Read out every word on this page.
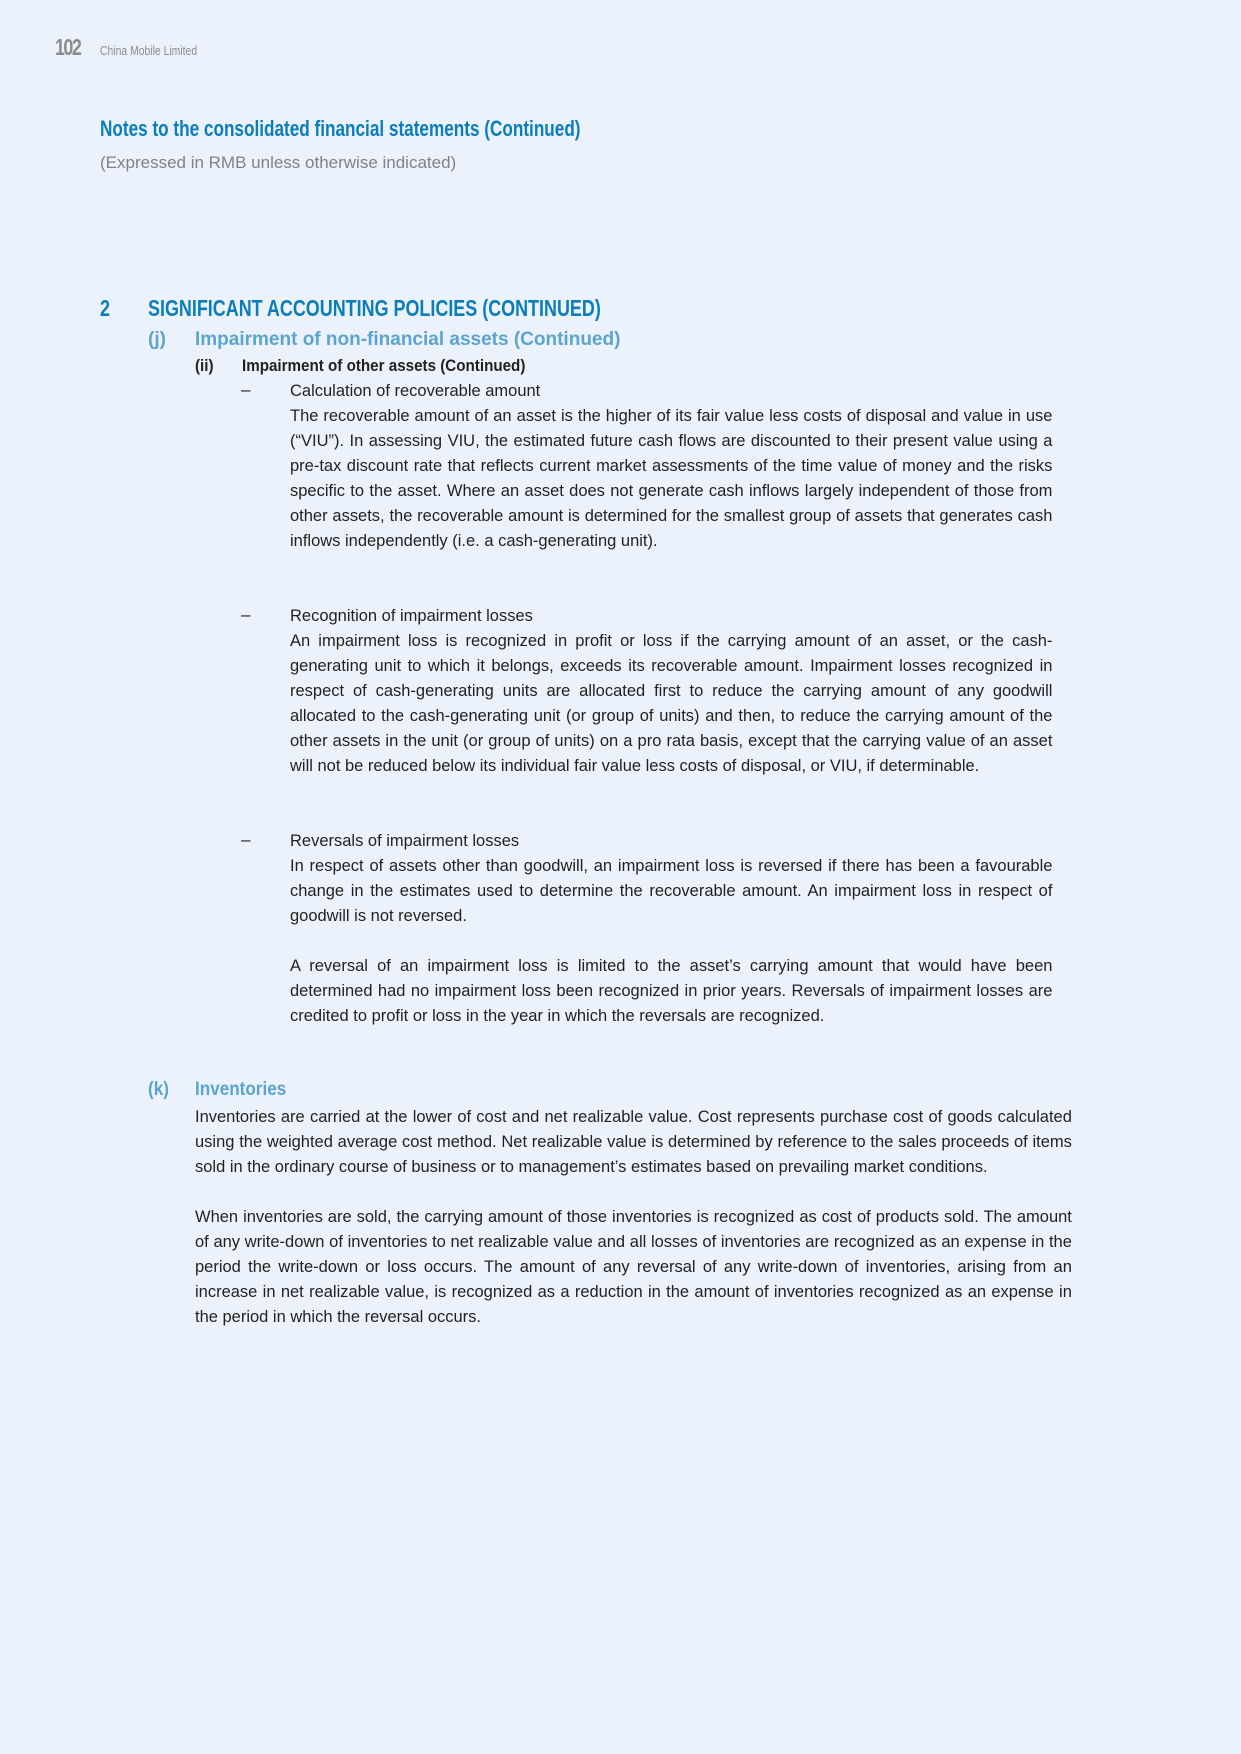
102 China Mobile Limited
Notes to the consolidated financial statements (Continued)
(Expressed in RMB unless otherwise indicated)
2 SIGNIFICANT ACCOUNTING POLICIES (CONTINUED)
(j) Impairment of non-financial assets (Continued)
(ii) Impairment of other assets (Continued)
– Calculation of recoverable amount

The recoverable amount of an asset is the higher of its fair value less costs of disposal and value in use (“VIU”). In assessing VIU, the estimated future cash flows are discounted to their present value using a pre-tax discount rate that reflects current market assessments of the time value of money and the risks specific to the asset. Where an asset does not generate cash inflows largely independent of those from other assets, the recoverable amount is determined for the smallest group of assets that generates cash inflows independently (i.e. a cash-generating unit).

– Recognition of impairment losses

An impairment loss is recognized in profit or loss if the carrying amount of an asset, or the cash-generating unit to which it belongs, exceeds its recoverable amount. Impairment losses recognized in respect of cash-generating units are allocated first to reduce the carrying amount of any goodwill allocated to the cash-generating unit (or group of units) and then, to reduce the carrying amount of the other assets in the unit (or group of units) on a pro rata basis, except that the carrying value of an asset will not be reduced below its individual fair value less costs of disposal, or VIU, if determinable.

– Reversals of impairment losses

In respect of assets other than goodwill, an impairment loss is reversed if there has been a favourable change in the estimates used to determine the recoverable amount. An impairment loss in respect of goodwill is not reversed.

A reversal of an impairment loss is limited to the asset’s carrying amount that would have been determined had no impairment loss been recognized in prior years. Reversals of impairment losses are credited to profit or loss in the year in which the reversals are recognized.

(k) Inventories

Inventories are carried at the lower of cost and net realizable value. Cost represents purchase cost of goods calculated using the weighted average cost method. Net realizable value is determined by reference to the sales proceeds of items sold in the ordinary course of business or to management’s estimates based on prevailing market conditions.

When inventories are sold, the carrying amount of those inventories is recognized as cost of products sold. The amount of any write-down of inventories to net realizable value and all losses of inventories are recognized as an expense in the period the write-down or loss occurs. The amount of any reversal of any write-down of inventories, arising from an increase in net realizable value, is recognized as a reduction in the amount of inventories recognized as an expense in the period in which the reversal occurs.
